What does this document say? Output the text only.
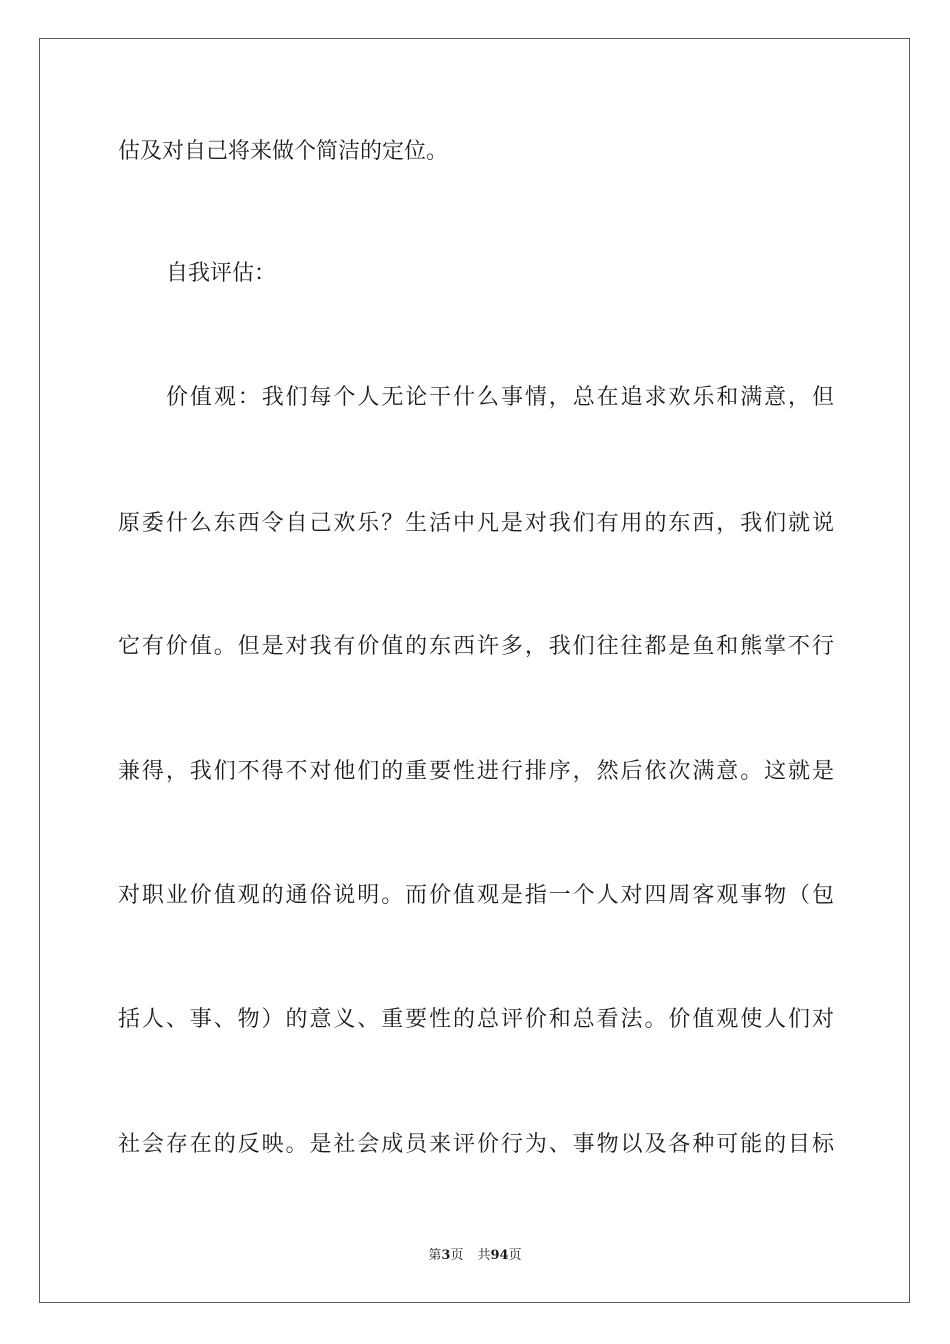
估及对自己将来做个简洁的定位。
自我评估：
价值观：我们每个人无论干什么事情，总在追求欢乐和满意，但
原委什么东西令自己欢乐？生活中凡是对我们有用的东西，我们就说
它有价值。但是对我有价值的东西许多，我们往往都是鱼和熊掌不行
兼得，我们不得不对他们的重要性进行排序，然后依次满意。这就是
对职业价值观的通俗说明。而价值观是指一个人对四周客观事物（包
括人、事、物）的意义、重要性的总评价和总看法。价值观使人们对
社会存在的反映。是社会成员来评价行为、事物以及各种可能的目标
第3页 共94页
